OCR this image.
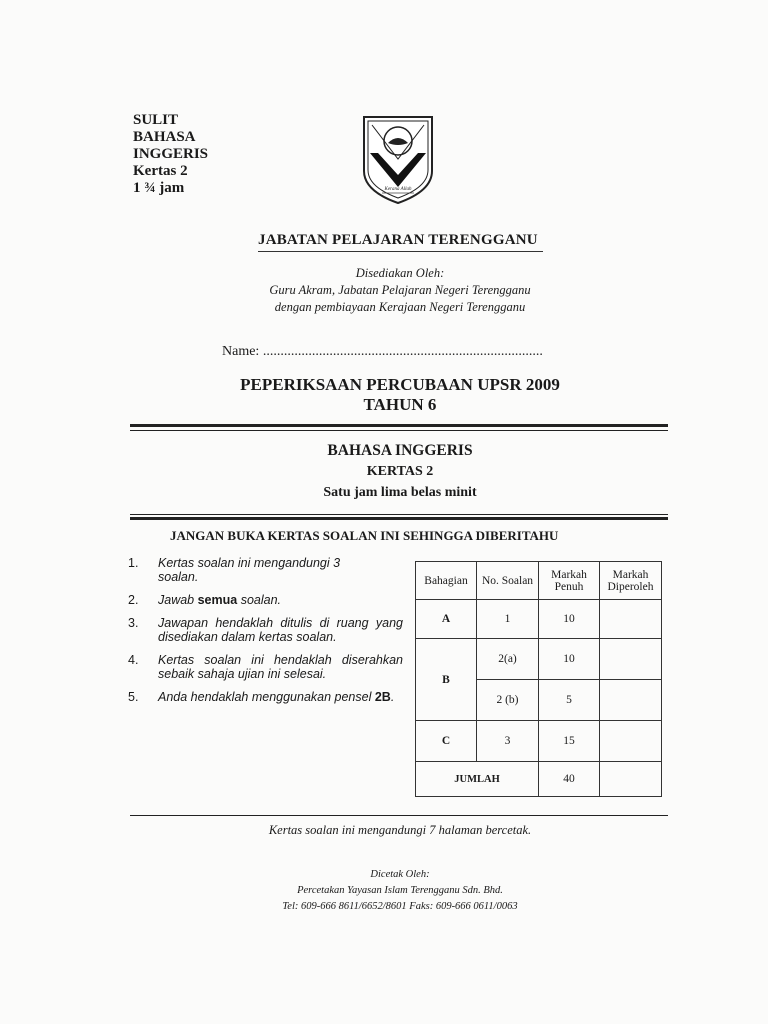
SULIT
BAHASA
INGGERIS
Kertas 2
1 ¾ jam	Kerana Allah
JABATAN PELAJARAN TERENGGANU
Disediakan Oleh:
Guru Akram, Jabatan Pelajaran Negeri Terengganu
dengan pembiayaan Kerajaan Negeri Terengganu
Name: ................................................................................
PEPERIKSAAN PERCUBAAN UPSR 2009
TAHUN 6
BAHASA INGGERIS
KERTAS 2
Satu jam lima belas minit
JANGAN BUKA KERTAS SOALAN INI SEHINGGA DIBERITAHU
1. Kertas soalan ini mengandungi 3 soalan.
2. Jawab semua soalan.
3. Jawapan hendaklah ditulis di ruang yang disediakan dalam kertas soalan.
4. Kertas soalan ini hendaklah diserahkan sebaik sahaja ujian ini selesai.
5. Anda hendaklah menggunakan pensel 2B.
Bahagian	No. Soalan	Markah Penuh	Markah Diperoleh
A	1	10	
B	2(a)	10	
	2 (b)	5	
C	3	15	
JUMLAH		40	
Kertas soalan ini mengandungi 7 halaman bercetak.
Dicetak Oleh:
Percetakan Yayasan Islam Terengganu Sdn. Bhd.
Tel: 609-666 8611/6652/8601 Faks: 609-666 0611/0063
